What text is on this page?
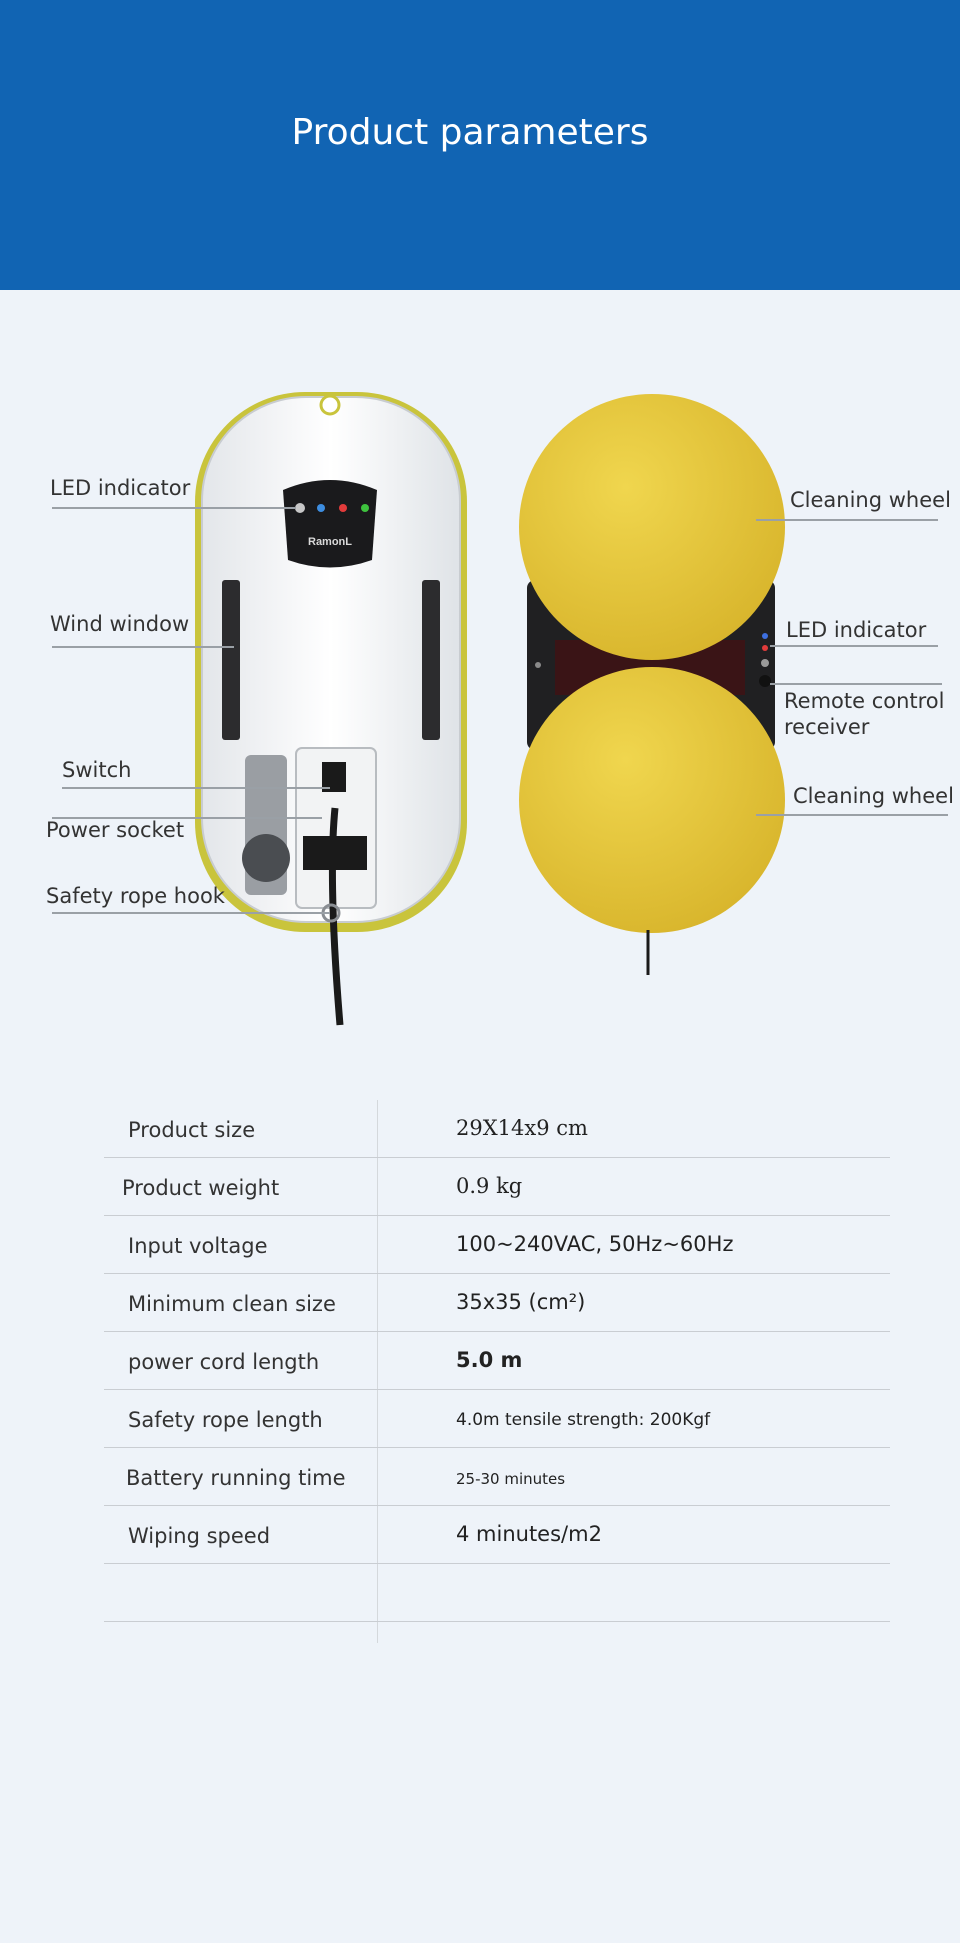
Product parameters
RamonL
LED indicator
Wind window
Switch
Power socket
Safety rope hook
Cleaning wheel
LED indicator
Remote control
receiver
Cleaning wheel
Product size	29X14x9 cm
Product weight	0.9 kg
Input voltage	100~240VAC, 50Hz~60Hz
Minimum clean size	35x35 (cm²)
power cord length	5.0 m
Safety rope length	4.0m tensile strength: 200Kgf
Battery running time	25-30 minutes
Wiping speed	4 minutes/m2
